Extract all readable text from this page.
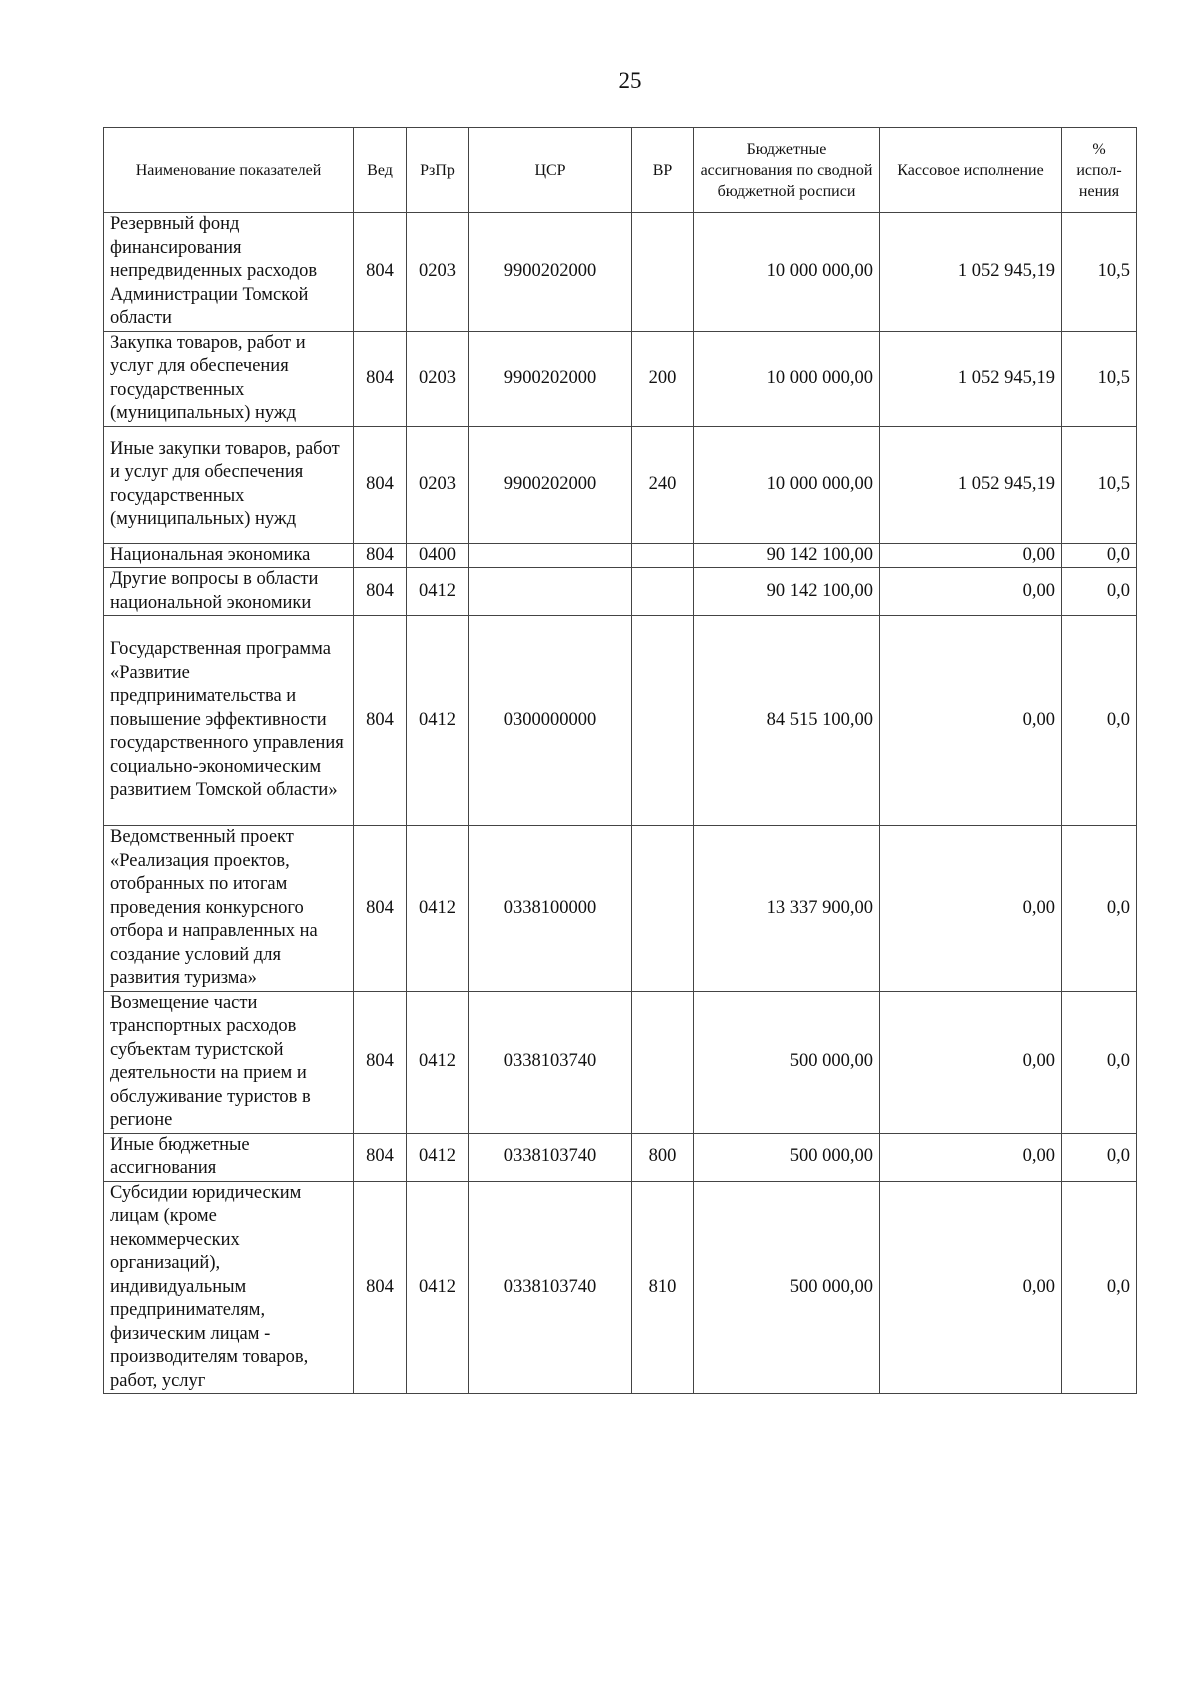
25
Наименование показателей	Вед	РзПр	ЦСР	ВР	Бюджетные ассигнования по сводной бюджетной росписи	Кассовое исполнение	% испол-нения
Резервный фонд финансирования непредвиденных расходов Администрации Томской области	804	0203	9900202000		10 000 000,00	1 052 945,19	10,5
Закупка товаров, работ и услуг для обеспечения государственных (муниципальных) нужд	804	0203	9900202000	200	10 000 000,00	1 052 945,19	10,5
Иные закупки товаров, работ и услуг для обеспечения государственных (муниципальных) нужд	804	0203	9900202000	240	10 000 000,00	1 052 945,19	10,5
Национальная экономика	804	0400			90 142 100,00	0,00	0,0
Другие вопросы в области национальной экономики	804	0412			90 142 100,00	0,00	0,0
Государственная программа «Развитие предпринимательства и повышение эффективности государственного управления социально-экономическим развитием Томской области»	804	0412	0300000000		84 515 100,00	0,00	0,0
Ведомственный проект «Реализация проектов, отобранных по итогам проведения конкурсного отбора и направленных на создание условий для развития туризма»	804	0412	0338100000		13 337 900,00	0,00	0,0
Возмещение части транспортных расходов субъектам туристской деятельности на прием и обслуживание туристов в регионе	804	0412	0338103740		500 000,00	0,00	0,0
Иные бюджетные ассигнования	804	0412	0338103740	800	500 000,00	0,00	0,0
Субсидии юридическим лицам (кроме некоммерческих организаций), индивидуальным предпринимателям, физическим лицам - производителям товаров, работ, услуг	804	0412	0338103740	810	500 000,00	0,00	0,0
